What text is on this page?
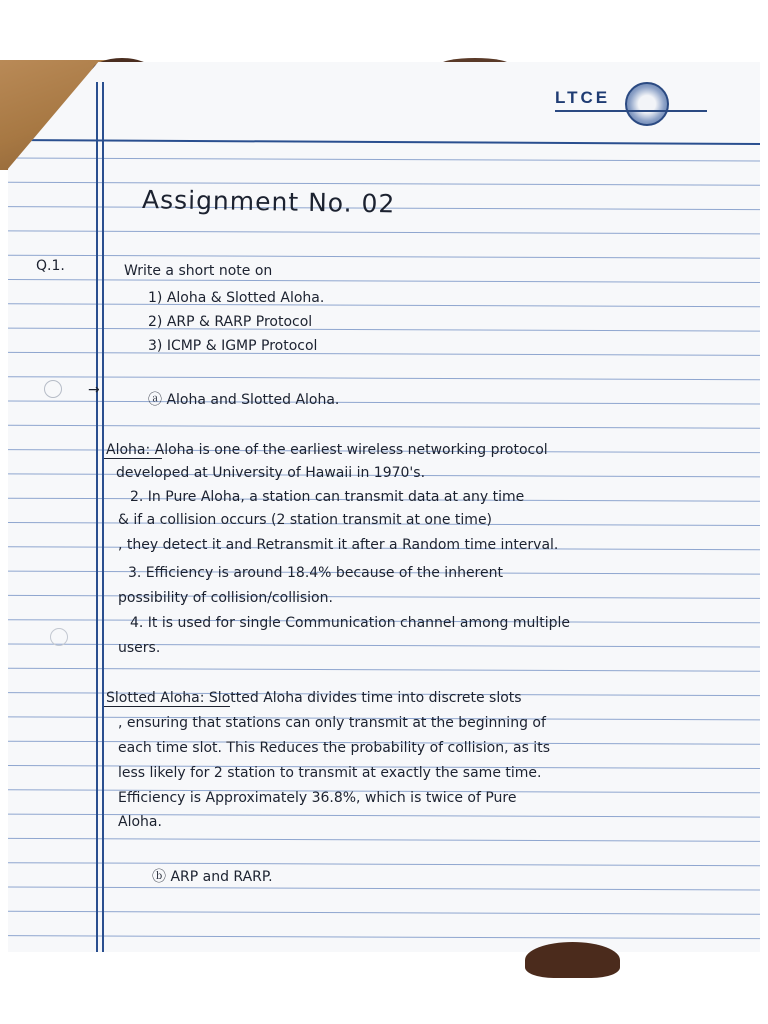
LTCE
Assignment No. 02
Q.1.	Write a short note on
1) Aloha & Slotted Aloha.
2) ARP & RARP Protocol
3) ICMP & IGMP Protocol
→
ⓐ Aloha and Slotted Aloha.
Aloha: Aloha is one of the earliest wireless networking protocol
developed at University of Hawaii in 1970's.
2. In Pure Aloha, a station can transmit data at any time
& if a collision occurs (2 station transmit at one time)
, they detect it and Retransmit it after a Random time interval.
3. Efficiency is around 18.4% because of the inherent
possibility of collision/collision.
4. It is used for single Communication channel among multiple
users.
Slotted Aloha: Slotted Aloha divides time into discrete slots
, ensuring that stations can only transmit at the beginning of
each time slot. This Reduces the probability of collision, as its
less likely for 2 station to transmit at exactly the same time.
Efficiency is Approximately 36.8%, which is twice of Pure
Aloha.
ⓑ ARP and RARP.
